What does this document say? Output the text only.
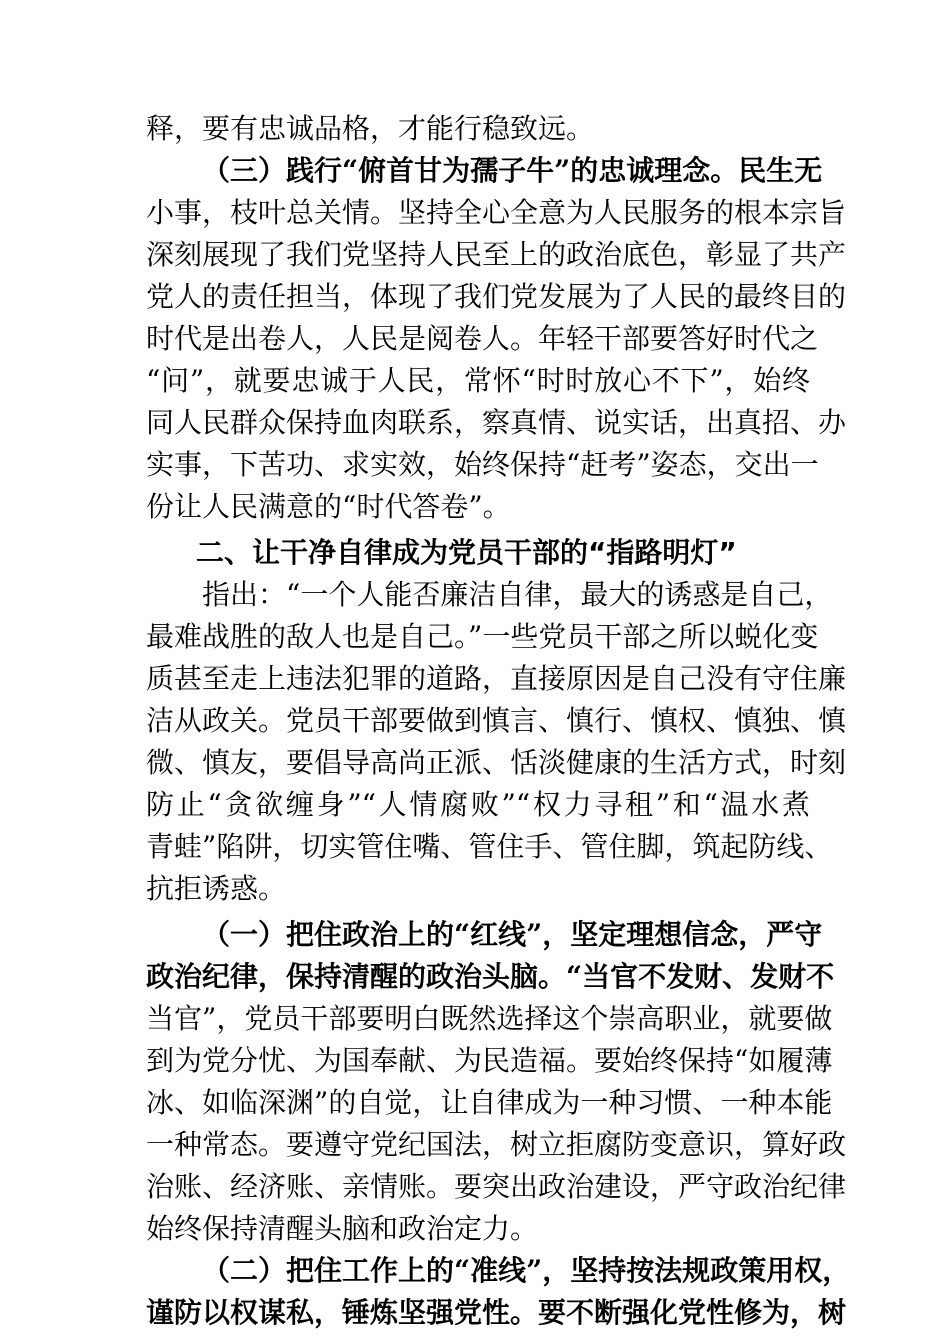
释，要有忠诚品格，才能行稳致远。
（三）践行“俯首甘为孺子牛”的忠诚理念。民生无
小事，枝叶总关情。坚持全心全意为人民服务的根本宗旨
深刻展现了我们党坚持人民至上的政治底色，彰显了共产
党人的责任担当，体现了我们党发展为了人民的最终目的
时代是出卷人，人民是阅卷人。年轻干部要答好时代之
“问”，就要忠诚于人民，常怀“时时放心不下”，始终
同人民群众保持血肉联系，察真情、说实话，出真招、办
实事，下苦功、求实效，始终保持“赶考”姿态，交出一
份让人民满意的“时代答卷”。
二、让干净自律成为党员干部的“指路明灯”
指出：“一个人能否廉洁自律，最大的诱惑是自己，
最难战胜的敌人也是自己。”一些党员干部之所以蜕化变
质甚至走上违法犯罪的道路，直接原因是自己没有守住廉
洁从政关。党员干部要做到慎言、慎行、慎权、慎独、慎
微、慎友，要倡导高尚正派、恬淡健康的生活方式，时刻
防止“贪欲缠身”“人情腐败”“权力寻租”和“温水煮
青蛙”陷阱，切实管住嘴、管住手、管住脚，筑起防线、
抗拒诱惑。
（一）把住政治上的“红线”，坚定理想信念，严守
政治纪律，保持清醒的政治头脑。“当官不发财、发财不
当官”，党员干部要明白既然选择这个崇高职业，就要做
到为党分忧、为国奉献、为民造福。要始终保持“如履薄
冰、如临深渊”的自觉，让自律成为一种习惯、一种本能
一种常态。要遵守党纪国法，树立拒腐防变意识，算好政
治账、经济账、亲情账。要突出政治建设，严守政治纪律
始终保持清醒头脑和政治定力。
（二）把住工作上的“准线”，坚持按法规政策用权，
谨防以权谋私，锤炼坚强党性。要不断强化党性修为，树
